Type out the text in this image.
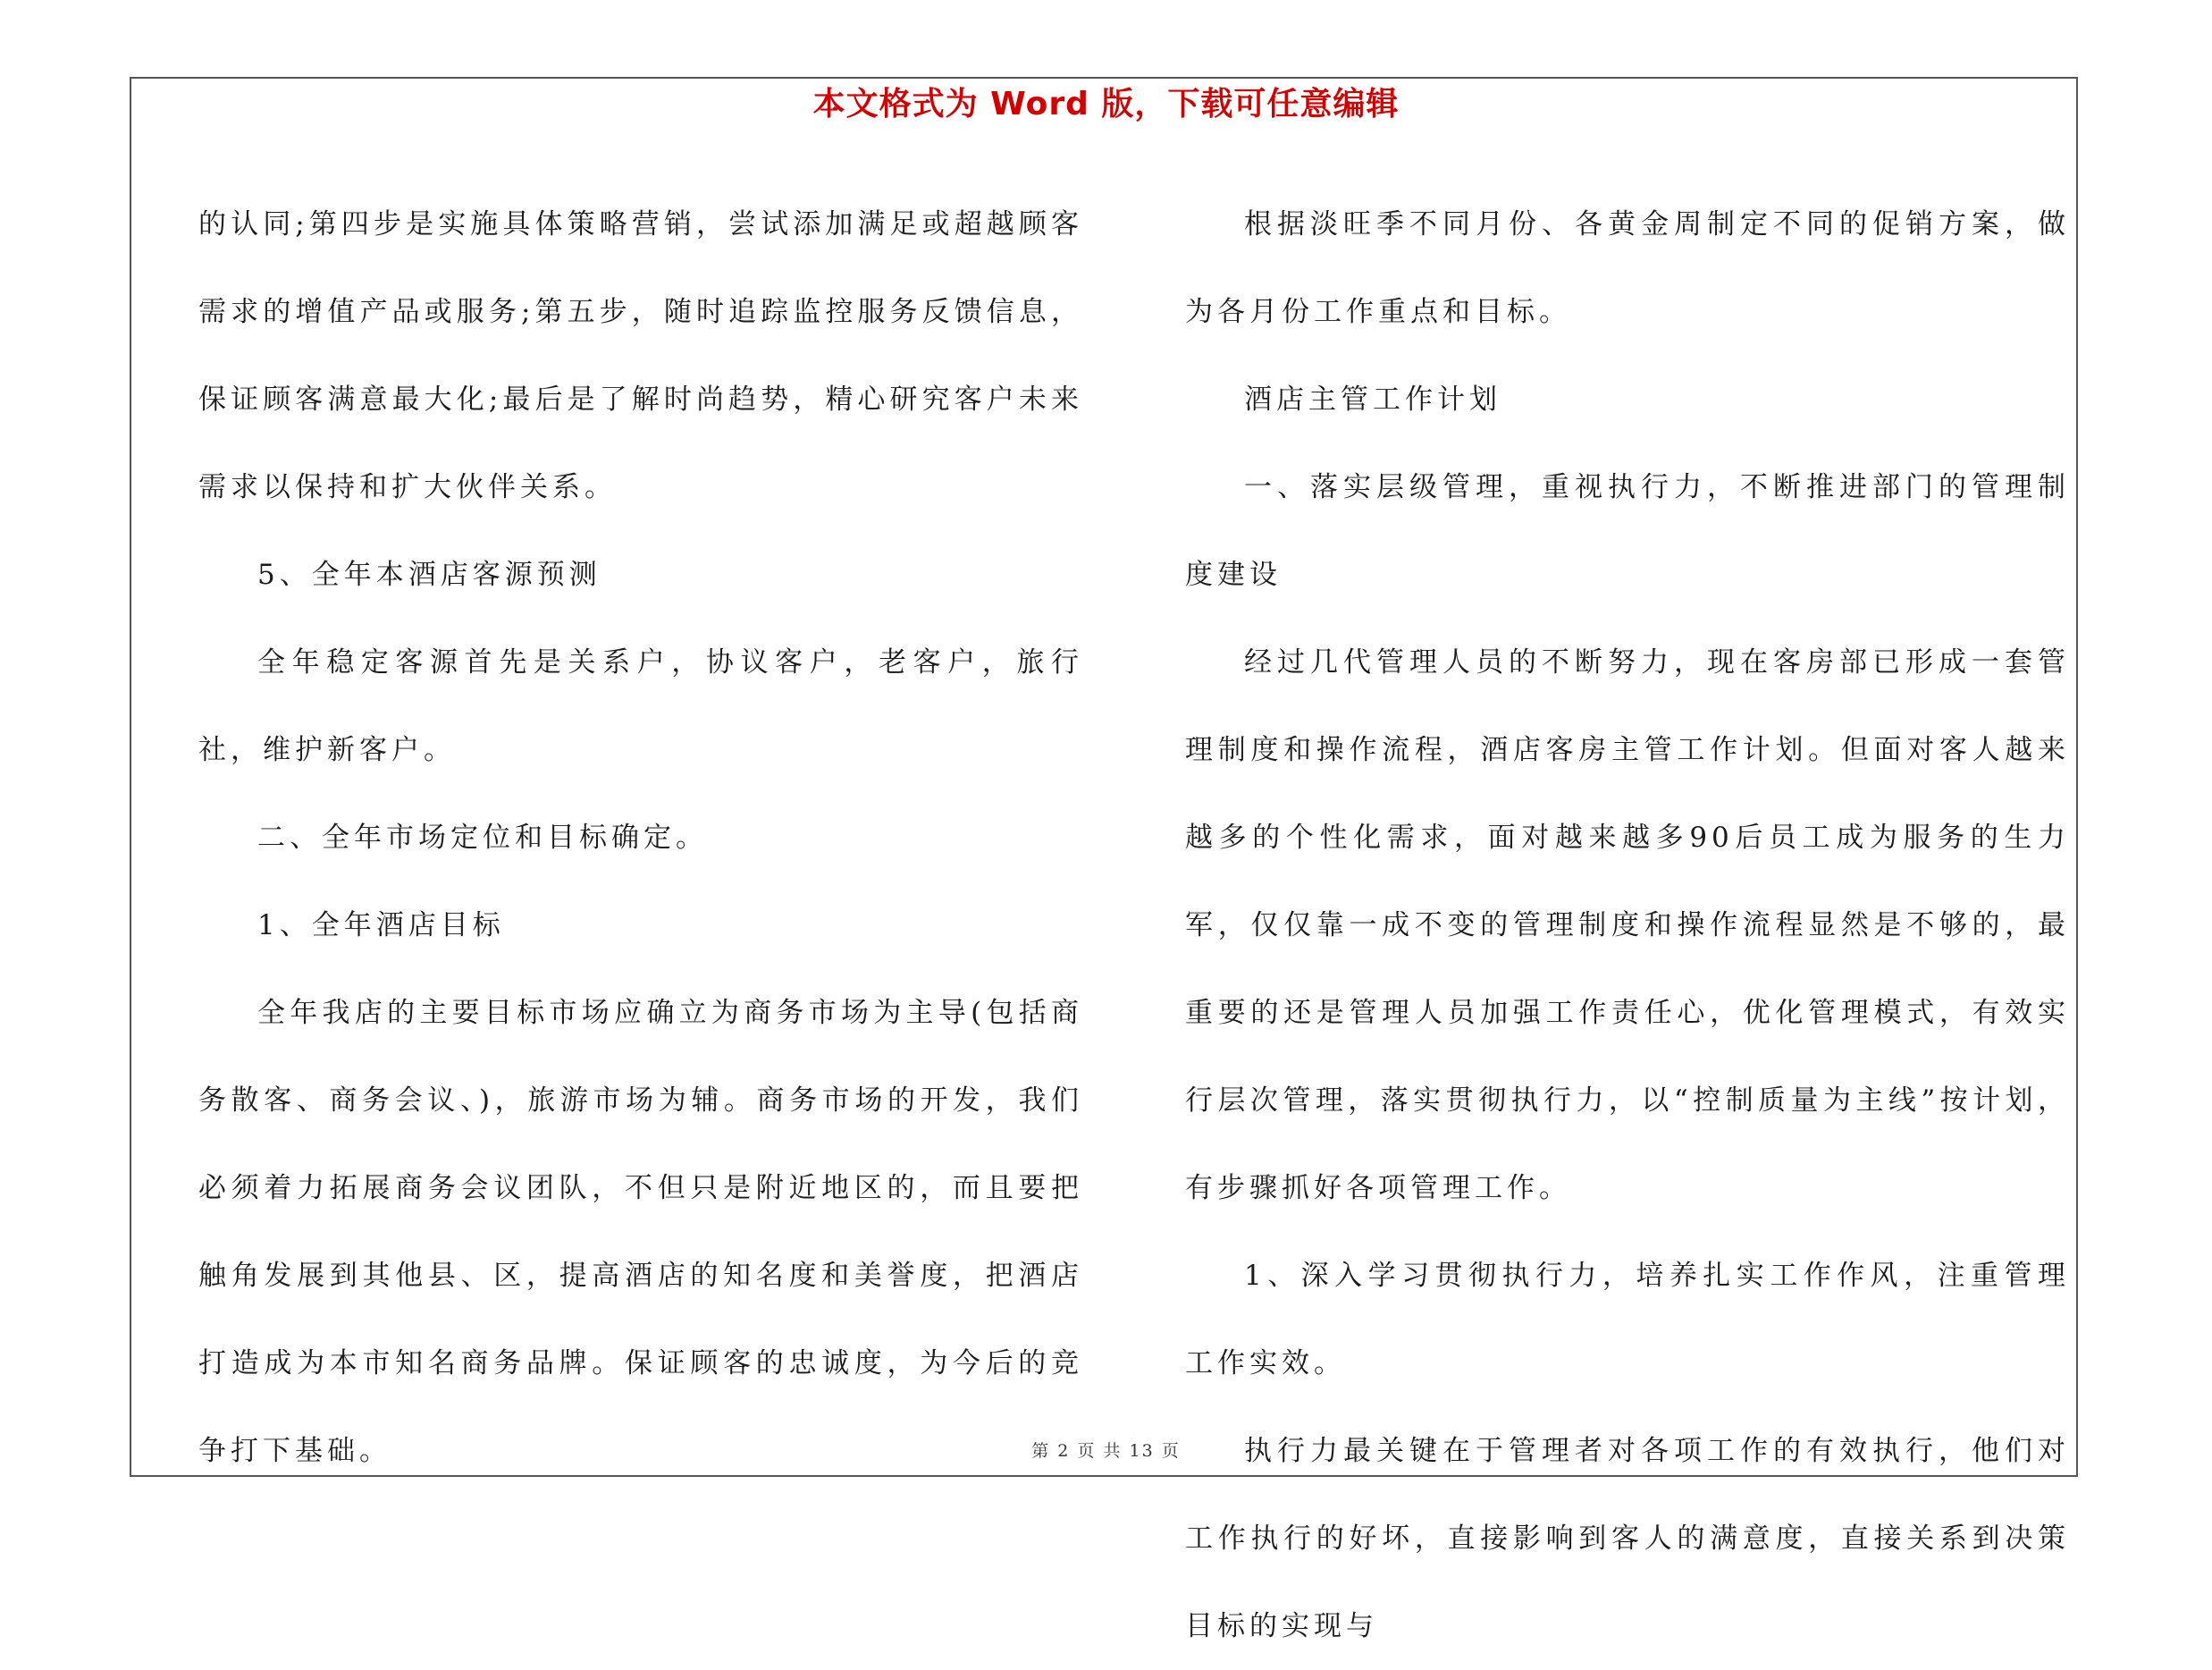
本文格式为 Word 版，下载可任意编辑

的认同;第四步是实施具体策略营销，尝试添加满足或超越顾客需求的增值产品或服务;第五步，随时追踪监控服务反馈信息，保证顾客满意最大化;最后是了解时尚趋势，精心研究客户未来需求以保持和扩大伙伴关系。

5、全年本酒店客源预测

全年稳定客源首先是关系户，协议客户，老客户，旅行社，维护新客户。

二、全年市场定位和目标确定。

1、全年酒店目标

全年我店的主要目标市场应确立为商务市场为主导(包括商务散客、商务会议、)，旅游市场为辅。商务市场的开发，我们必须着力拓展商务会议团队，不但只是附近地区的，而且要把触角发展到其他县、区，提高酒店的知名度和美誉度，把酒店打造成为本市知名商务品牌。保证顾客的忠诚度，为今后的竞争打下基础。

根据淡旺季不同月份、各黄金周制定不同的促销方案，做为各月份工作重点和目标。

酒店主管工作计划

一、落实层级管理，重视执行力，不断推进部门的管理制度建设

经过几代管理人员的不断努力，现在客房部已形成一套管理制度和操作流程，酒店客房主管工作计划。但面对客人越来越多的个性化需求，面对越来越多90后员工成为服务的生力军，仅仅靠一成不变的管理制度和操作流程显然是不够的，最重要的还是管理人员加强工作责任心，优化管理模式，有效实行层次管理，落实贯彻执行力，以“控制质量为主线”按计划，有步骤抓好各项管理工作。

1、深入学习贯彻执行力，培养扎实工作作风，注重管理工作实效。

执行力最关键在于管理者对各项工作的有效执行，他们对工作执行的好坏，直接影响到客人的满意度，直接关系到决策目标的实现与

第 2 页 共 13 页
